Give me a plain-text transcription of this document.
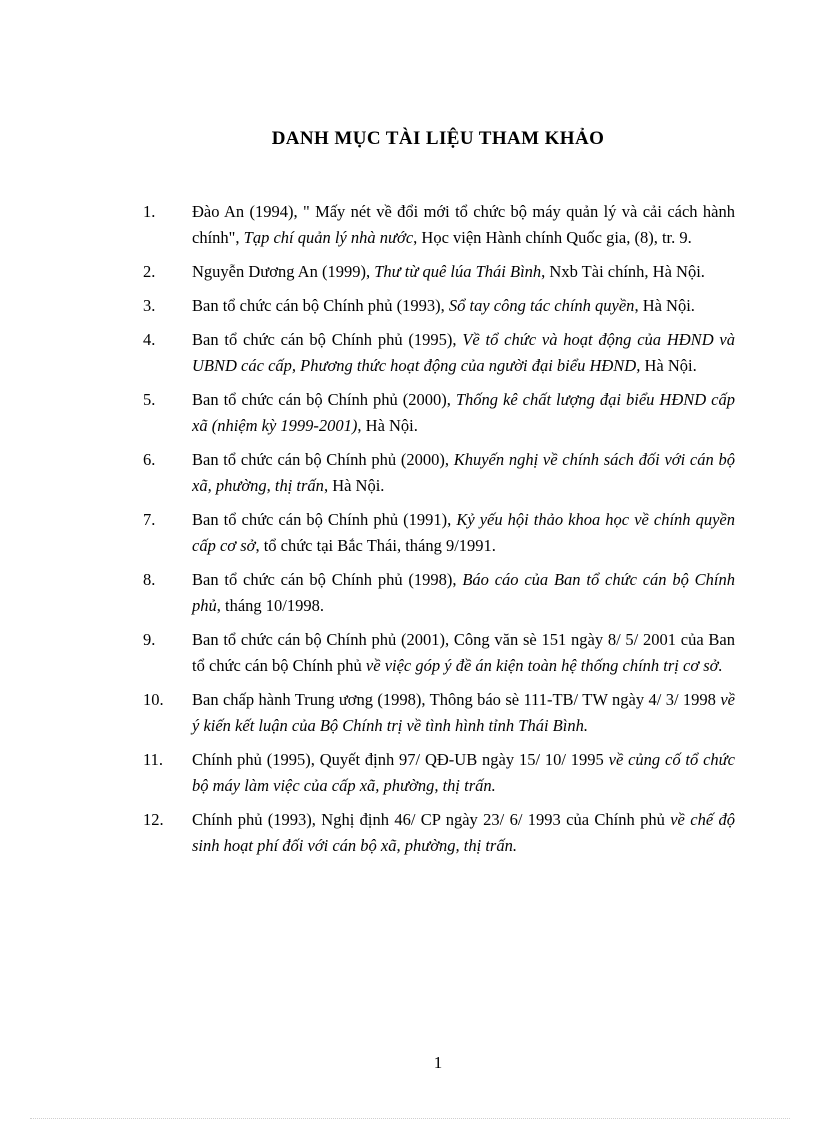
DANH MỤC TÀI LIỆU THAM KHẢO
1. Đào An (1994), " Mấy nét về đổi mới tổ chức bộ máy quản lý và cải cách hành chính", Tạp chí quản lý nhà nước, Học viện Hành chính Quốc gia, (8), tr. 9.
2. Nguyễn Dương An (1999), Thư từ quê lúa Thái Bình, Nxb Tài chính, Hà Nội.
3. Ban tổ chức cán bộ Chính phủ (1993), Sổ tay công tác chính quyền, Hà Nội.
4. Ban tổ chức cán bộ Chính phủ (1995), Về tổ chức và hoạt động của HĐND và UBND các cấp, Phương thức hoạt động của người đại biểu HĐND, Hà Nội.
5. Ban tổ chức cán bộ Chính phủ (2000), Thống kê chất lượng đại biểu HĐND cấp xã (nhiệm kỳ 1999-2001), Hà Nội.
6. Ban tổ chức cán bộ Chính phủ (2000), Khuyến nghị về chính sách đối với cán bộ xã, phường, thị trấn, Hà Nội.
7. Ban tổ chức cán bộ Chính phủ (1991), Kỷ yếu hội thảo khoa học về chính quyền cấp cơ sở, tổ chức tại Bắc Thái, tháng 9/1991.
8. Ban tổ chức cán bộ Chính phủ (1998), Báo cáo của Ban tổ chức cán bộ Chính phủ, tháng 10/1998.
9. Ban tổ chức cán bộ Chính phủ (2001), Công văn sè 151 ngày 8/ 5/ 2001 của Ban tổ chức cán bộ Chính phủ về việc góp ý đề án kiện toàn hệ thống chính trị cơ sở.
10. Ban chấp hành Trung ương (1998), Thông báo sè 111-TB/ TW ngày 4/ 3/ 1998 về ý kiến kết luận của Bộ Chính trị về tình hình tỉnh Thái Bình.
11. Chính phủ (1995), Quyết định 97/ QĐ-UB ngày 15/ 10/ 1995 về củng cố tổ chức bộ máy làm việc của cấp xã, phường, thị trấn.
12. Chính phủ (1993), Nghị định 46/ CP ngày 23/ 6/ 1993 của Chính phủ về chế độ sinh hoạt phí đối với cán bộ xã, phường, thị trấn.
1
